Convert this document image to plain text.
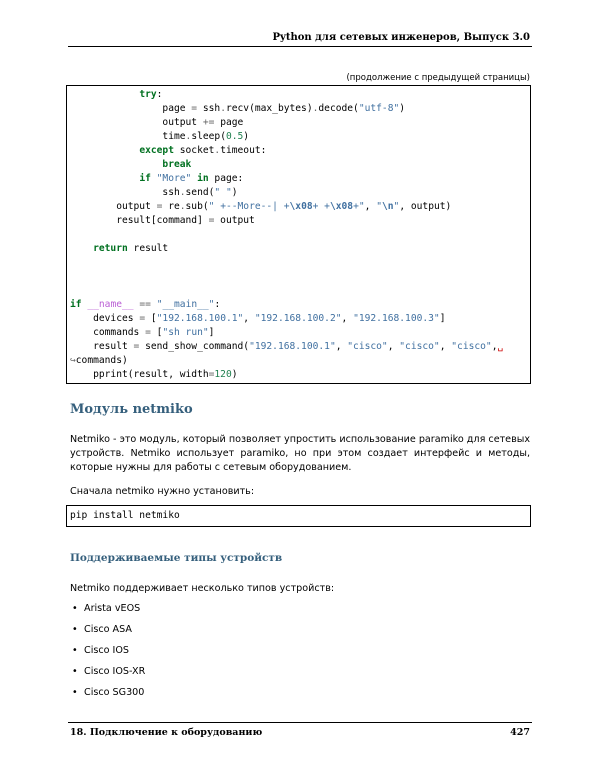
Python для сетевых инженеров, Выпуск 3.0
(продолжение с предыдущей страницы)
try:
page = ssh.recv(max_bytes).decode("utf-8")
output += page
time.sleep(0.5)
except socket.timeout:
break
if "More" in page:
ssh.send(" ")
output = re.sub(" +--More--| +\x08+ +\x08+", "\n", output)
result[command] = output
return result
if __name__ == "__main__":
devices = ["192.168.100.1", "192.168.100.2", "192.168.100.3"]
commands = ["sh run"]
result = send_show_command("192.168.100.1", "cisco", "cisco", "cisco",␣
↪commands)
pprint(result, width=120)
Модуль netmiko
Netmiko - это модуль, который позволяет упростить использование paramiko для сетевых устройств. Netmiko использует paramiko, но при этом создает интерфейс и методы, которые нужны для работы с сетевым оборудованием.
Сначала netmiko нужно установить:
pip install netmiko
Поддерживаемые типы устройств
Netmiko поддерживает несколько типов устройств:
• Arista vEOS
• Cisco ASA
• Cisco IOS
• Cisco IOS-XR
• Cisco SG300
18. Подключение к оборудованию	427
